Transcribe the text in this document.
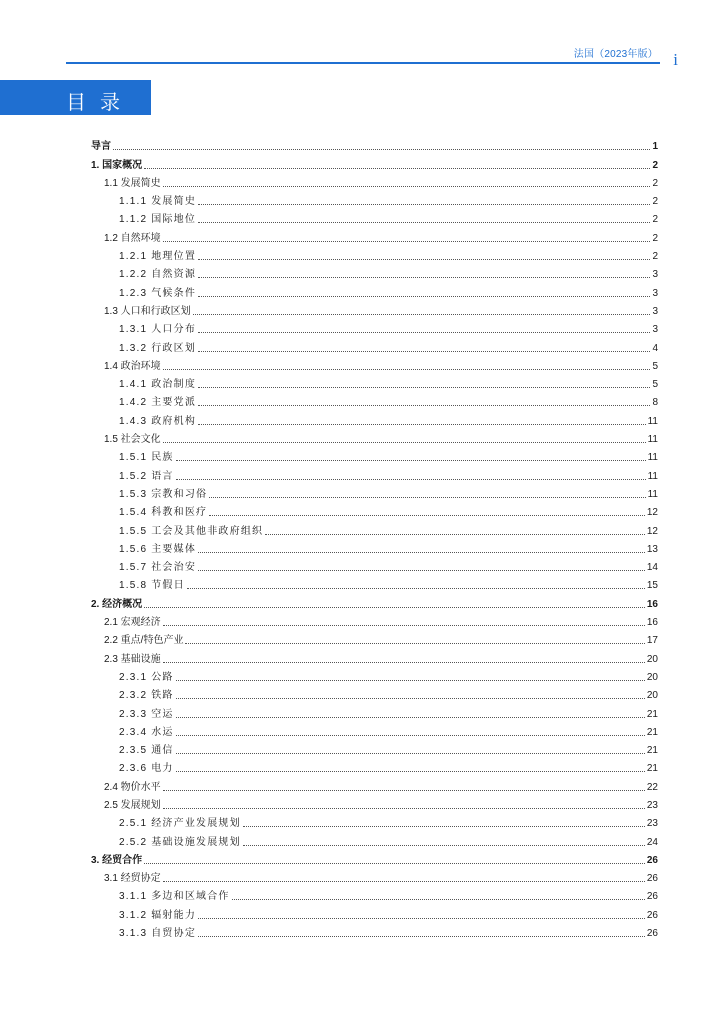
法国（2023年版） i
目录
导言	1
1. 国家概况	2
1.1 发展简史	2
1.1.1 发展简史	2
1.1.2 国际地位	2
1.2 自然环境	2
1.2.1 地理位置	2
1.2.2 自然资源	3
1.2.3 气候条件	3
1.3 人口和行政区划	3
1.3.1 人口分布	3
1.3.2 行政区划	4
1.4 政治环境	5
1.4.1 政治制度	5
1.4.2 主要党派	8
1.4.3 政府机构	11
1.5 社会文化	11
1.5.1 民族	11
1.5.2 语言	11
1.5.3 宗教和习俗	11
1.5.4 科教和医疗	12
1.5.5 工会及其他非政府组织	12
1.5.6 主要媒体	13
1.5.7 社会治安	14
1.5.8 节假日	15
2. 经济概况	16
2.1 宏观经济	16
2.2 重点/特色产业	17
2.3 基础设施	20
2.3.1 公路	20
2.3.2 铁路	20
2.3.3 空运	21
2.3.4 水运	21
2.3.5 通信	21
2.3.6 电力	21
2.4 物价水平	22
2.5 发展规划	23
2.5.1 经济产业发展规划	23
2.5.2 基础设施发展规划	24
3. 经贸合作	26
3.1 经贸协定	26
3.1.1 多边和区域合作	26
3.1.2 辐射能力	26
3.1.3 自贸协定	26
